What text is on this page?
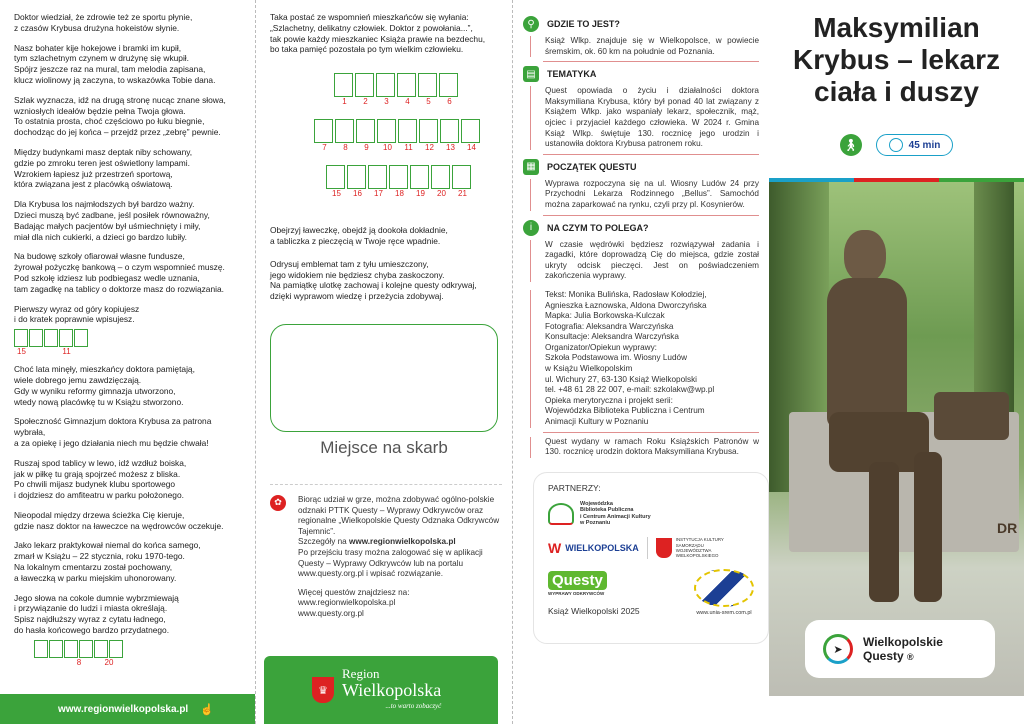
Doktor wiedział, że zdrowie też ze sportu płynie,
z czasów Krybusa drużyna hokeistów słynie.
Nasz bohater kije hokejowe i bramki im kupił,
tym szlachetnym czynem w drużynę się wkupił.
Spójrz jeszcze raz na mural, tam melodia zapisana,
klucz wiolinowy ją zaczyna, to wskazówka Tobie dana.
Szlak wyznacza, idź na drugą stronę nucąc znane słowa,
wzniosłych ideałów będzie pełna Twoja głowa.
To ostatnia prosta, choć częściowo po łuku biegnie,
dochodząc do jej końca – przejdź przez „zebrę” pewnie.
Między budynkami masz deptak niby schowany,
gdzie po zmroku teren jest oświetlony lampami.
Wzrokiem łapiesz już przestrzeń sportową,
która związana jest z placówką oświatową.
Dla Krybusa los najmłodszych był bardzo ważny.
Dzieci muszą być zadbane, jeśl posiłek równoważny,
Badając małych pacjentów był uśmiechnięty i miły,
miał dla nich cukierki, a dzieci go bardzo lubiły.
Na budowę szkoły ofiarował własne fundusze,
żyrował pożyczkę bankową – o czym wspomnieć muszę.
Pod szkołę idziesz lub podbiegasz wedle uznania,
tam zagadkę na tablicy o doktorze masz do rozwiązania.
Pierwszy wyraz od góry kopiujesz
i do kratek poprawnie wpisujesz.
15	11
Choć lata minęły, mieszkańcy doktora pamiętają,
wiele dobrego jemu zawdzięczają.
Gdy w wyniku reformy gimnazja utworzono,
wtedy nową placówkę tu w Książu stworzono.
Społeczność Gimnazjum doktora Krybusa za patrona
wybrała,
a za opiekę i jego działania niech mu będzie chwała!
Ruszaj spod tablicy w lewo, idź wzdłuż boiska,
jak w piłkę tu grają spojrzeć możesz z bliska.
Po chwili mijasz budynek klubu sportowego
i dojdziesz do amfiteatru w parku położonego.
Nieopodal między drzewa ścieżka Cię kieruje,
gdzie nasz doktor na ławeczce na wędrowców oczekuje.
Jako lekarz praktykował niemal do końca samego,
zmarł w Książu – 22 stycznia, roku 1970-tego.
Na lokalnym cmentarzu został pochowany,
a ławeczką w parku miejskim uhonorowany.
Jego słowa na cokole dumnie wybrzmiewają
i przywiązanie do ludzi i miasta określają.
Spisz najdłuższy wyraz z cytatu ładnego,
do hasła końcowego bardzo przydatnego.
8	20
www.regionwielkopolska.pl ☝
Taka postać ze wspomnień mieszkańców się wyłania:
„Szlachetny, delikatny człowiek. Doktor z powołania...”,
tak powie każdy mieszkaniec Książa prawie na bezdechu,
bo taka pamięć pozostała po tym wielkim człowieku.
1	2	3	4	5	6
7	8	9	10	11	12	13	14
15	16	17	18	19	20	21
Obejrzyj ławeczkę, obejdź ją dookoła dokładnie,
a tabliczka z pieczęcią w Twoje ręce wpadnie.
Odrysuj emblemat tam z tyłu umieszczony,
jego widokiem nie będziesz chyba zaskoczony.
Na pamiątkę ulotkę zachowaj i kolejne questy odkrywaj,
dzięki wyprawom wiedzę i przeżycia zdobywaj.
Miejsce na skarb
✿	Biorąc udział w grze, można zdobywać ogólno-polskie odznaki PTTK Questy – Wyprawy Odkrywców oraz regionalne „Wielkopolskie Questy Odznaka Odkrywców Tajemnic”.
Szczegóły na www.regionwielkopolska.pl
Po przejściu trasy można zalogować się w aplikacji Questy – Wyprawy Odkrywców lub na portalu www.questy.org.pl i wpisać rozwiązanie.
Więcej questów znajdziesz na:
www.regionwielkopolska.pl
www.questy.org.pl
♛
Region
Wielkopolska
...to warto zobaczyć
⚲	GDZIE TO JEST?
Książ Wlkp. znajduje się w Wielkopolsce, w powiecie śremskim, ok. 60 km na południe od Poznania.
▤	TEMATYKA
Quest opowiada o życiu i działalności doktora Maksymiliana Krybusa, który był ponad 40 lat związany z Książem Wlkp. jako wspaniały lekarz, społecznik, mąż, ojciec i przyjaciel każdego człowieka. W 2024 r. Gmina Książ Wlkp. świętuje 130. rocznicę jego urodzin i ustanowiła doktora Krybusa patronem roku.
▦	POCZĄTEK QUESTU
Wyprawa rozpoczyna się na ul. Wiosny Ludów 24 przy Przychodni Lekarza Rodzinnego „Bellus”. Samochód można zaparkować na rynku, czyli przy pl. Kosynierów.
i	NA CZYM TO POLEGA?
W czasie wędrówki będziesz rozwiązywał zadania i zagadki, które doprowadzą Cię do miejsca, gdzie został ukryty odcisk pieczęci. Jest on poświadczeniem zakończenia wyprawy.
Tekst: Monika Bulińska, Radosław Kołodziej,
Agnieszka Łaznowska, Aldona Dworczyńska
Mapka: Julia Borkowska-Kulczak
Fotografia: Aleksandra Warczyńska
Konsultacje: Aleksandra Warczyńska
Organizator/Opiekun wyprawy:
Szkoła Podstawowa im. Wiosny Ludów
w Książu Wielkopolskim
ul. Wichury 27, 63-130 Książ Wielkopolski
tel. +48 61 28 22 007, e-mail: szkolakw@wp.pl
Opieka merytoryczna i projekt serii:
Wojewódzka Biblioteka Publiczna i Centrum
Animacji Kultury w Poznaniu
Quest wydany w ramach Roku Książskich Patronów w 130. rocznicę urodzin doktora Maksymiliana Krybusa.
PARTNERZY:
Wojewódzka
Biblioteka Publiczna
i Centrum Animacji Kultury
w Poznaniu
W WIELKOPOLSKA
INSTYTUCJA KULTURY
SAMORZĄDU
WOJEWÓDZTWA
WIELKOPOLSKIEGO
Questy
WYPRAWY ODKRYWCÓW
Książ Wielkopolski 2025	www.unia-srem.com.pl
Maksymilian Krybus – lekarz ciała i duszy
🚶︎	45 min
DR
➤
Wielkopolskie
Questy ®
